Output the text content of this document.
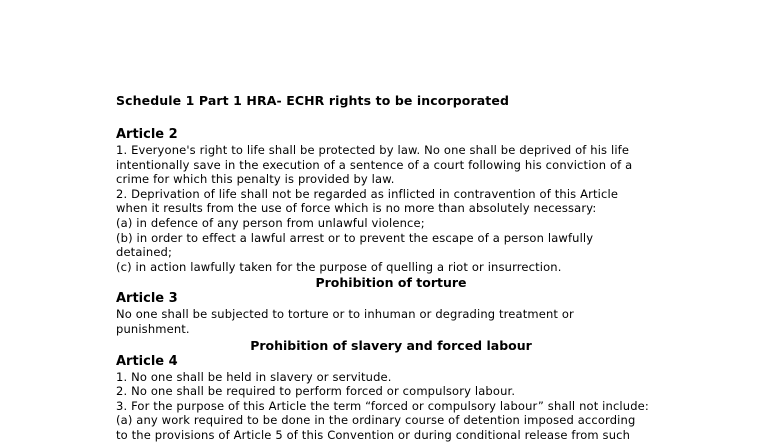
Schedule 1 Part 1 HRA- ECHR rights to be incorporated
Article 2

1. Everyone's right to life shall be protected by law. No one shall be deprived of his life
intentionally save in the execution of a sentence of a court following his conviction of a
crime for which this penalty is provided by law.
2. Deprivation of life shall not be regarded as inflicted in contravention of this Article
when it results from the use of force which is no more than absolutely necessary:
(a) in defence of any person from unlawful violence;
(b) in order to effect a lawful arrest or to prevent the escape of a person lawfully
detained;
(c) in action lawfully taken for the purpose of quelling a riot or insurrection.

Prohibition of torture
Article 3

No one shall be subjected to torture or to inhuman or degrading treatment or
punishment.

Prohibition of slavery and forced labour
Article 4

1. No one shall be held in slavery or servitude.
2. No one shall be required to perform forced or compulsory labour.
3. For the purpose of this Article the term “forced or compulsory labour” shall not include:
(a) any work required to be done in the ordinary course of detention imposed according
to the provisions of Article 5 of this Convention or during conditional release from such
